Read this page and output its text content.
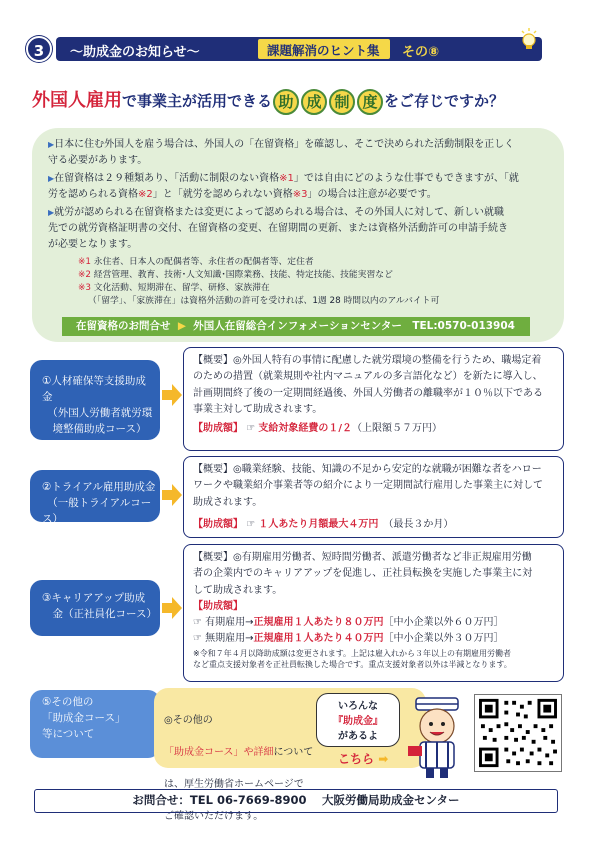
3	～助成金のお知らせ～	課題解消のヒント集 その⑧
外国人雇用で事業主が活用できる 助 成 制 度 をご存じですか？
▶日本に住む外国人を雇う場合は、外国人の「在留資格」を確認し、そこで決められた活動制限を正しく
守る必要があります。
▶在留資格は２９種類あり、「活動に制限のない資格※1」では自由にどのような仕事でもできますが、「就
労を認められる資格※2」と「就労を認められない資格※3」の場合は注意が必要です。
▶就労が認められる在留資格または変更によって認められる場合は、その外国人に対して、新しい就職
先での就労資格証明書の交付、在留資格の変更、在留期間の更新、または資格外活動許可の申請手続き
が必要となります。
※1 永住者、日本人の配偶者等、永住者の配偶者等、定住者
※2 経営管理、教育、技術･人文知識･国際業務、技能、特定技能、技能実習など
※3 文化活動、短期滞在、留学、研修、家族滞在
（「留学」、「家族滞在」は資格外活動の許可を受ければ、1週 28 時間以内のアルバイト可
在留資格のお問合せ ▶ 外国人在留総合インフォメーションセンター　TEL:0570-013904
①人材確保等支援助成金
　（外国人労働者就労環
　境整備助成コース）

【概要】◎外国人特有の事情に配慮した就労環境の整備を行うため、職場定着
のための措置（就業規則や社内マニュアルの多言語化など）を新たに導入し、
計画期間終了後の一定期間経過後、外国人労働者の離職率が１０％以下である
事業主対して助成されます。

【助成額】 ☞ 支給対象経費の１/２（上限額５７万円）

②トライアル雇用助成金
　（一般トライアルコース）

【概要】◎職業経験、技能、知識の不足から安定的な就職が困難な者をハロー
ワークや職業紹介事業者等の紹介により一定期間試行雇用した事業主に対して
助成されます。

【助成額】 ☞ １人あたり月額最大４万円　 （最長３か月）

③キャリアアップ助成
　金（正社員化コース）

【概要】◎有期雇用労働者、短時間労働者、派遣労働者など非正規雇用労働
者の企業内でのキャリアアップを促進し、正社員転換を実施した事業主に対
して助成されます。

【助成額】

☞ 有期雇用→正規雇用１人あたり８０万円［中小企業以外６０万円］

☞ 無期雇用→正規雇用１人あたり４０万円［中小企業以外３０万円］

※令和７年４月以降助成額は変更されます。上記は雇入れから３年以上の有期雇用労働者
など重点支援対象者を正社員転換した場合です。重点支援対象者以外は半減となります。

⑤その他の
「助成金コース」
等について

◎その他の

「助成金コース」や詳細について

は、厚生労働省ホームページで

ご確認いただけます。

いろんな
『助成金』
があるよ
こちら ➡
お問合せ：TEL 06-7669-8900　 大阪労働局助成金センター
